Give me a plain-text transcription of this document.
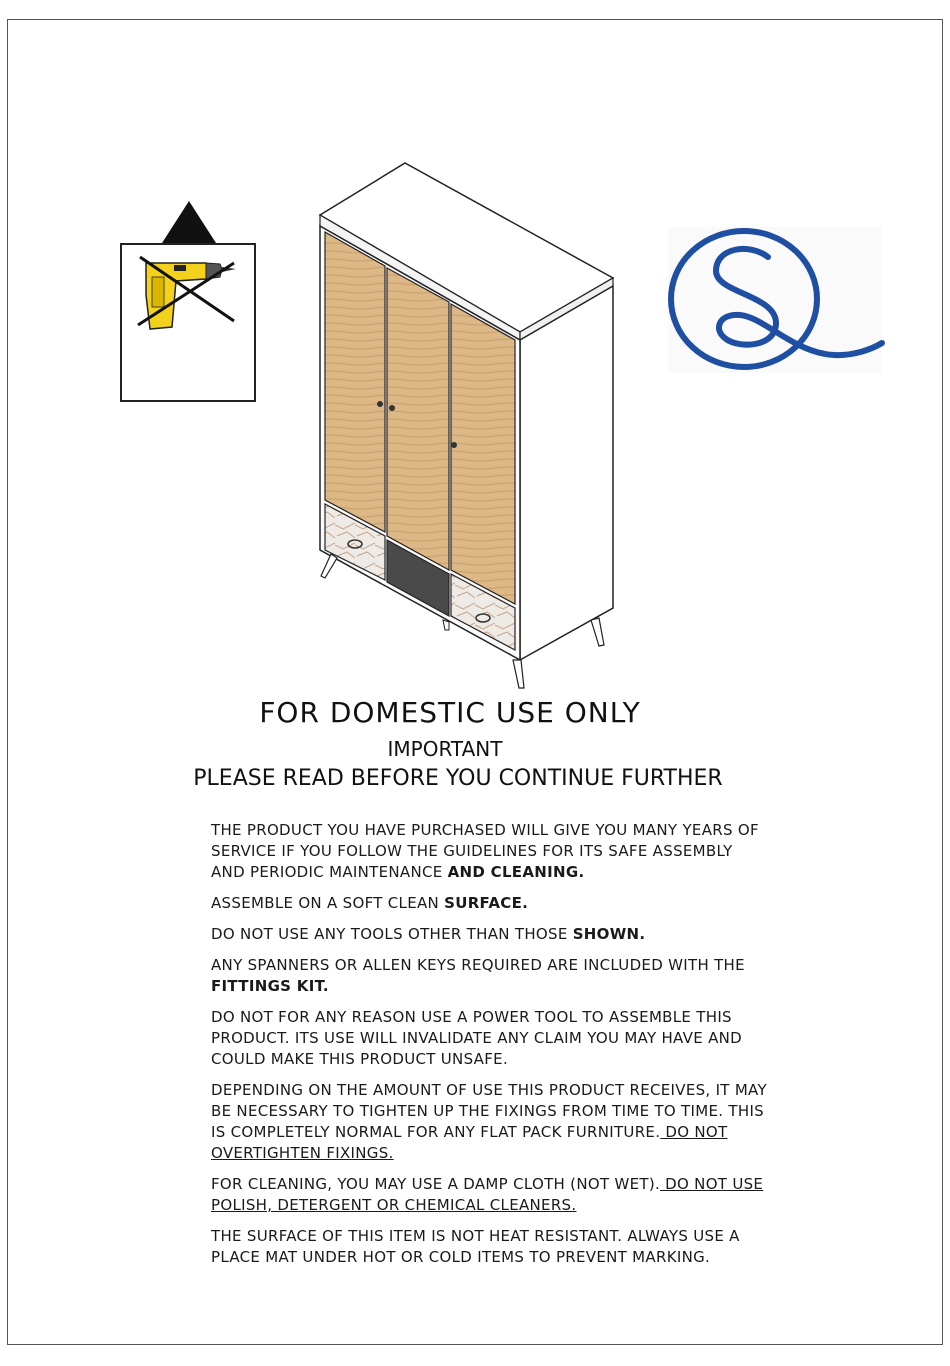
FOR DOMESTIC USE ONLY
IMPORTANT
PLEASE READ BEFORE YOU CONTINUE FURTHER

THE PRODUCT YOU HAVE PURCHASED WILL GIVE YOU MANY YEARS OF SERVICE IF YOU FOLLOW THE GUIDELINES FOR ITS SAFE ASSEMBLY AND PERIODIC MAINTENANCE AND CLEANING.

ASSEMBLE ON A SOFT CLEAN SURFACE.

DO NOT USE ANY TOOLS OTHER THAN THOSE SHOWN.

ANY SPANNERS OR ALLEN KEYS REQUIRED ARE INCLUDED WITH THE FITTINGS KIT.

DO NOT FOR ANY REASON USE A POWER TOOL TO ASSEMBLE THIS PRODUCT. ITS USE WILL INVALIDATE ANY CLAIM YOU MAY HAVE AND COULD MAKE THIS PRODUCT UNSAFE.

DEPENDING ON THE AMOUNT OF USE THIS PRODUCT RECEIVES, IT MAY BE NECESSARY TO TIGHTEN UP THE FIXINGS FROM TIME TO TIME. THIS IS COMPLETELY NORMAL FOR ANY FLAT PACK FURNITURE. DO NOT OVERTIGHTEN FIXINGS.

FOR CLEANING, YOU MAY USE A DAMP CLOTH (NOT WET). DO NOT USE POLISH, DETERGENT OR CHEMICAL CLEANERS.

THE SURFACE OF THIS ITEM IS NOT HEAT RESISTANT. ALWAYS USE A PLACE MAT UNDER HOT OR COLD ITEMS TO PREVENT MARKING.
